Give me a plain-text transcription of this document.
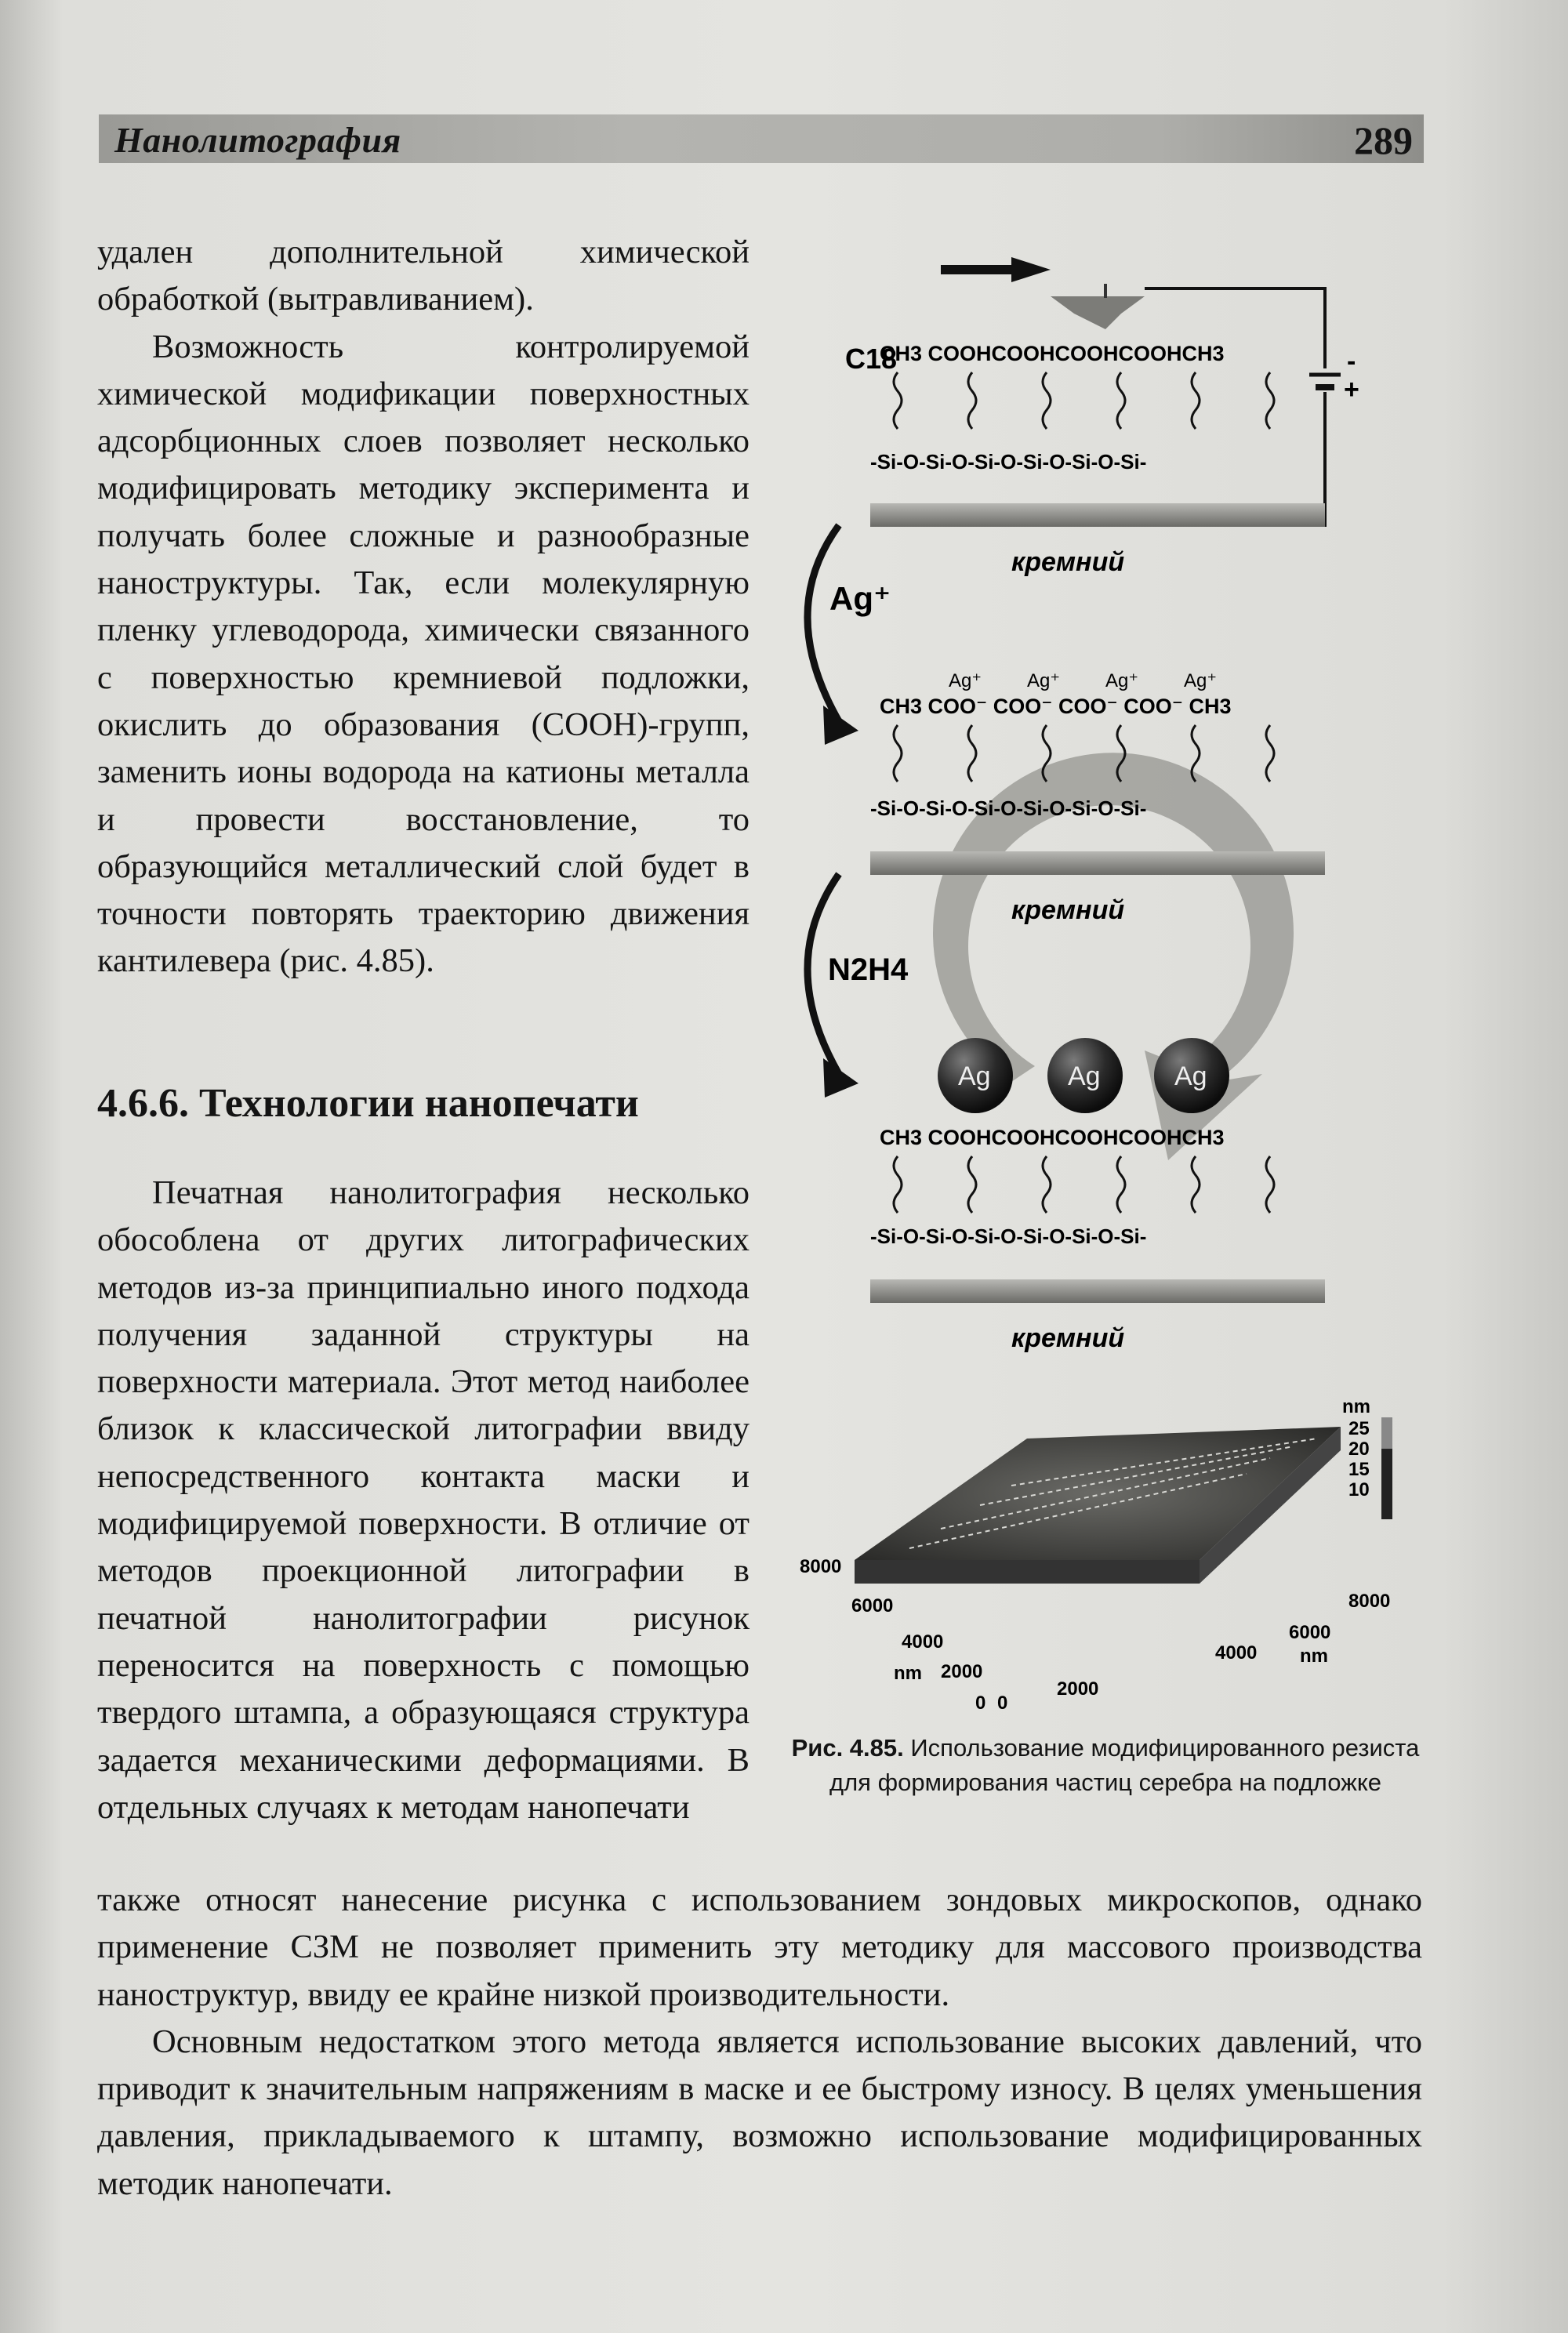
Нанолитография	289

удален дополнительной химической обработкой (вытравливанием).

Возможность контролируемой химической модификации поверхностных адсорбционных слоев позволяет несколько модифицировать методику эксперимента и получать более сложные и разнообразные наноструктуры. Так, если молекулярную пленку углеводорода, химически связанного с поверхностью кремниевой подложки, окислить до образования (COOH)-групп, заменить ионы водорода на катионы металла и провести восстановление, то образующийся металлический слой будет в точности повторять траекторию движения кантилевера (рис. 4.85).

4.6.6. Технологии нанопечати

Печатная нанолитография несколько обособлена от других литографических методов из-за принципиально иного подхода получения заданной структуры на поверхности материала. Этот метод наиболее близок к классической литографии ввиду непосредственного контакта маски и модифицируемой поверхности. В отличие от методов проекционной литографии в печатной нанолитографии рисунок переносится на поверхность с помощью твердого штампа, а образующаяся структура задается механическими деформациями. В отдельных случаях к методам нанопечати

также относят нанесение рисунка с использованием зондовых микроскопов, однако применение СЗМ не позволяет применить эту методику для массового производства наноструктур, ввиду ее крайне низкой производительности.

Основным недостатком этого метода является использование высоких давлений, что приводит к значительным напряжениям в маске и ее быстрому износу. В целях уменьшения давления, прикладываемого к штампу, возможно использование модифицированных методик нанопечати.

-
+
C18
CH3 COOHCOOHCOOHCOOHCH3
-Si-O-Si-O-Si-O-Si-O-Si-O-Si-
кремний
Ag⁺
Ag⁺ Ag⁺ Ag⁺ Ag⁺
CH3 COO⁻ COO⁻ COO⁻ COO⁻ CH3
-Si-O-Si-O-Si-O-Si-O-Si-O-Si-
кремний
N2H4
Ag	Ag	Ag
CH3 COOHCOOHCOOHCOOHCH3
-Si-O-Si-O-Si-O-Si-O-Si-O-Si-
кремний
8000
6000
4000
2000
0
nm
0
2000
4000
6000
8000
nm
nm
25
20
15
10
Рис. 4.85. Использование модифицированного резиста для формирования частиц серебра на подложке
